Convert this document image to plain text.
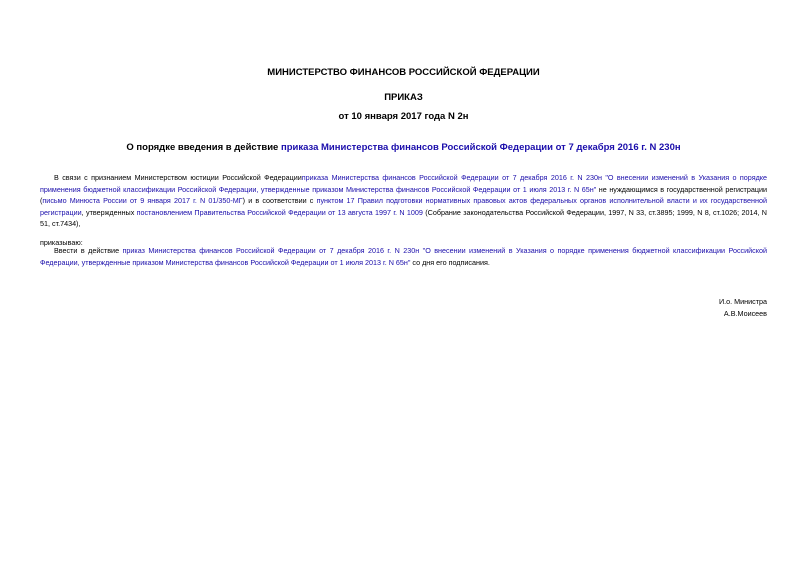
МИНИСТЕРСТВО ФИНАНСОВ РОССИЙСКОЙ ФЕДЕРАЦИИ
ПРИКАЗ
от 10 января 2017 года N 2н
О порядке введения в действие приказа Министерства финансов Российской Федерации от 7 декабря 2016 г. N 230н
В связи с признанием Министерством юстиции Российской Федерацииприказа Министерства финансов Российской Федерации от 7 декабря 2016 г. N 230н "О внесении изменений в Указания о порядке применения бюджетной классификации Российской Федерации, утвержденные приказом Министерства финансов Российской Федерации от 1 июля 2013 г. N 65н" не нуждающимся в государственной регистрации (письмо Минюста России от 9 января 2017 г. N 01/350-МГ) и в соответствии с пунктом 17 Правил подготовки нормативных правовых актов федеральных органов исполнительной власти и их государственной регистрации, утвержденных постановлением Правительства Российской Федерации от 13 августа 1997 г. N 1009 (Собрание законодательства Российской Федерации, 1997, N 33, ст.3895; 1999, N 8, ст.1026; 2014, N 51, ст.7434),
приказываю:
Ввести в действие приказ Министерства финансов Российской Федерации от 7 декабря 2016 г. N 230н "О внесении изменений в Указания о порядке применения бюджетной классификации Российской Федерации, утвержденные приказом Министерства финансов Российской Федерации от 1 июля 2013 г. N 65н" со дня его подписания.
И.о. Министра
А.В.Моисеев
